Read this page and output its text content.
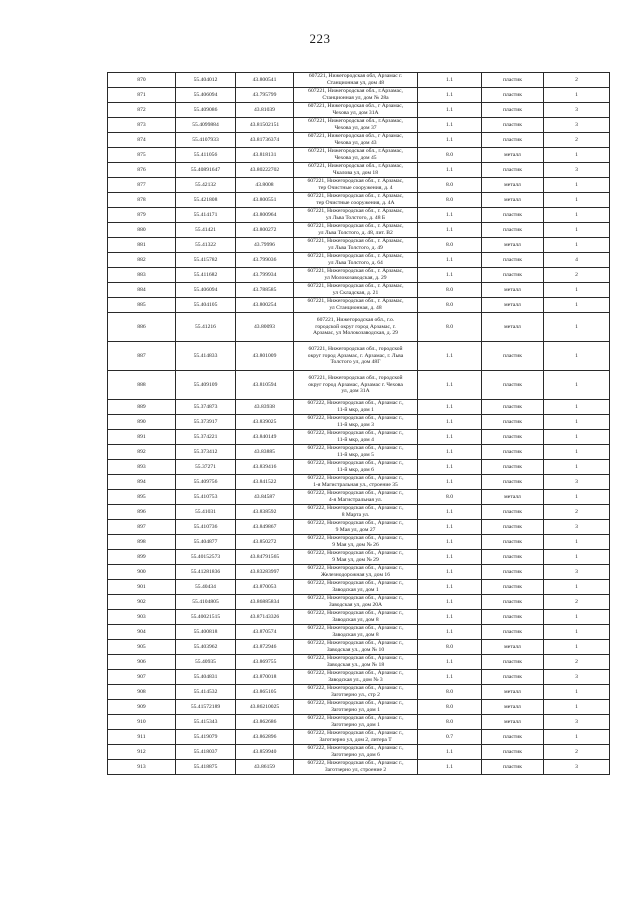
223
870	55.404012	43.800541	607221, Нижегородская обл, Арзамас г.
Станционная ул, дом 48	1.1	пластик	2
871	55.406094	43.795799	607221, Нижегородская обл., г.Арзамас,
Станционная ул, дом № 28а	1.1	пластик	1
872	55.409086	43.81039	607221, Нижегородская обл., г Арзамас,
Чехова ул, дом 31А	1.1	пластик	3
873	55.4099884	43.81502151	607221, Нижегородская обл., г.Арзамас,
Чехова ул, дом 37	1.1	пластик	3
874	55.4107933	43.81736374	607221, Нижегородская обл., г Арзамас,
Чехова ул, дом 43	1.1	пластик	2
875	55.411056	43.818131	607221, Нижегородская обл., г.Арзамас,
Чехова ул, дом 45	8.0	металл	1
876	55.40891647	43.80222702	607221, Нижегородская обл., г.Арзамас,
Чкалова ул, дом 18	1.1	пластик	3
877	55.42132	43.8008	607221, Нижегородская обл., г. Арзамас,
тер Очистные сооружения, д. 4	8.0	металл	1
878	55.421808	43.800551	607221, Нижегородская обл., г. Арзамас,
тер Очистные сооружения, д. 4А	8.0	металл	1
879	55.414171	43.800964	607221, Нижегородская обл., г. Арзамас,
ул Льва Толстого, д. 48 Б	1.1	пластик	1
880	55.41421	43.800272	607221, Нижегородская обл., г. Арзамас,
ул Льва Толстого, д. 48, лит. В2	1.1	пластик	1
881	55.41322	43.79996	607221, Нижегородская обл., г. Арзамас,
ул Льва Толстого, д. 49	8.0	металл	1
882	55.415782	43.799036	607221, Нижегородская обл., г. Арзамас,
ул Льва Толстого, д. 64	1.1	пластик	4
883	55.411682	43.799934	607221, Нижегородская обл., г. Арзамас,
ул Молокозаводская, д. 29	1.1	пластик	2
884	55.406094	43.788585	607221, Нижегородская обл., г. Арзамас,
ул Складская, д. 21	8.0	металл	1
885	55.404105	43.800254	607221, Нижегородская обл., г. Арзамас,
ул Станционная, д. 48	8.0	металл	1
886	55.41216	43.80093	607221, Нижегородская обл., г.о.
городской округ город Арзамас, г.
Арзамас, ул Молокозаводская, д. 29	8.0	металл	1
887	55.414833	43.801009	607221, Нижегородская обл., городской
округ город Арзамас, г. Арзамас, г. Льва
Толстого ул, дом 48Г	1.1	пластик	1
888	55.409109	43.810594	607221, Нижегородская обл., городской
округ город Арзамас, Арзамас г. Чехова
ул, дом 31А	1.1	пластик	1
889	55.374873	43.83938	607222, Нижегородская обл., Арзамас г.,
11-й мкр, дом 1	1.1	пластик	1
890	55.373917	43.839025	607222, Нижегородская обл., Арзамас г.,
11-й мкр, дом 3	1.1	пластик	1
891	55.374221	43.840149	607222, Нижегородская обл., Арзамас г.,
11-й мкр, дом 4	1.1	пластик	1
892	55.373412	43.83885	607222, Нижегородская обл., Арзамас г.,
11-й мкр, дом 5	1.1	пластик	1
893	55.37271	43.839416	607222, Нижегородская обл., Арзамас г.,
11-й мкр, дом 6	1.1	пластик	1
894	55.409756	43.841522	607222, Нижегородская обл., Арзамас г.,
1-я Магистральная ул., строение 35	1.1	пластик	3
895	55.410753	43.84587	607222, Нижегородская обл., Арзамас г.,
4-я Магистральная ул.	8.0	металл	1
896	55.41031	43.838592	607222, Нижегородская обл., Арзамас г.,
8 Марта ул.	1.1	пластик	2
897	55.410736	43.849867	607222, Нижегородская обл., Арзамас г.,
9 Мая ул, дом 27	1.1	пластик	3
898	55.404877	43.850272	607222, Нижегородская обл., Арзамас г.,
9 Мая ул, дом № 26	1.1	пластик	1
899	55.40152573	43.84791565	607222, Нижегородская обл., Арзамас г.,
9 Мая ул, дом № 29	1.1	пластик	1
900	55.41281836	43.83283997	607222, Нижегородская обл., Арзамас г.,
Железнодорожная ул, дом 16	1.1	пластик	3
901	55.40434	43.870053	607222, Нижегородская обл., Арзамас г.,
Заводская ул, дом 1	1.1	пластик	1
902	55.4104805	43.86885834	607222, Нижегородская обл., Арзамас г.,
Заводская ул, дом 20А	1.1	пластик	2
903	55.40021515	43.87143326	607222, Нижегородская обл., Арзамас г.,
Заводская ул, дом 8	1.1	пластик	1
904	55.400818	43.870574	607222, Нижегородская обл., Арзамас г.,
Заводская ул, дом 8	1.1	пластик	1
905	55.403962	43.872946	607222, Нижегородская обл., Арзамас г.,
Заводская ул., дом № 10	8.0	металл	1
906	55.40935	43.869755	607222, Нижегородская обл., Арзамас г.,
Заводская ул., дом № 18	1.1	пластик	2
907	55.404831	43.870018	607222, Нижегородская обл., Арзамас г.,
Заводская ул., дом № 3	1.1	пластик	3
908	55.414532	43.865105	607222, Нижегородская обл., Арзамас г.,
Заготзерно ул., стр 2	8.0	металл	1
909	55.41572189	43.86210025	607222, Нижегородская обл., Арзамас г.,
Заготзерно ул, дом 1	8.0	металл	1
910	55.415343	43.862686	607222, Нижегородская обл., Арзамас г.,
Заготзерно ул, дом 1	8.0	металл	3
911	55.419079	43.862896	607222, Нижегородская обл., Арзамас г.,
Заготзерно ул, дом 2, литера Т	0.7	пластик	1
912	55.418037	43.859940	607222, Нижегородская обл., Арзамас г.,
Заготзерно ул, дом 6	1.1	пластик	2
913	55.418875	43.86159	607222, Нижегородская обл., Арзамас г.,
Заготзерно ул, строение 2	1.1	пластик	3
